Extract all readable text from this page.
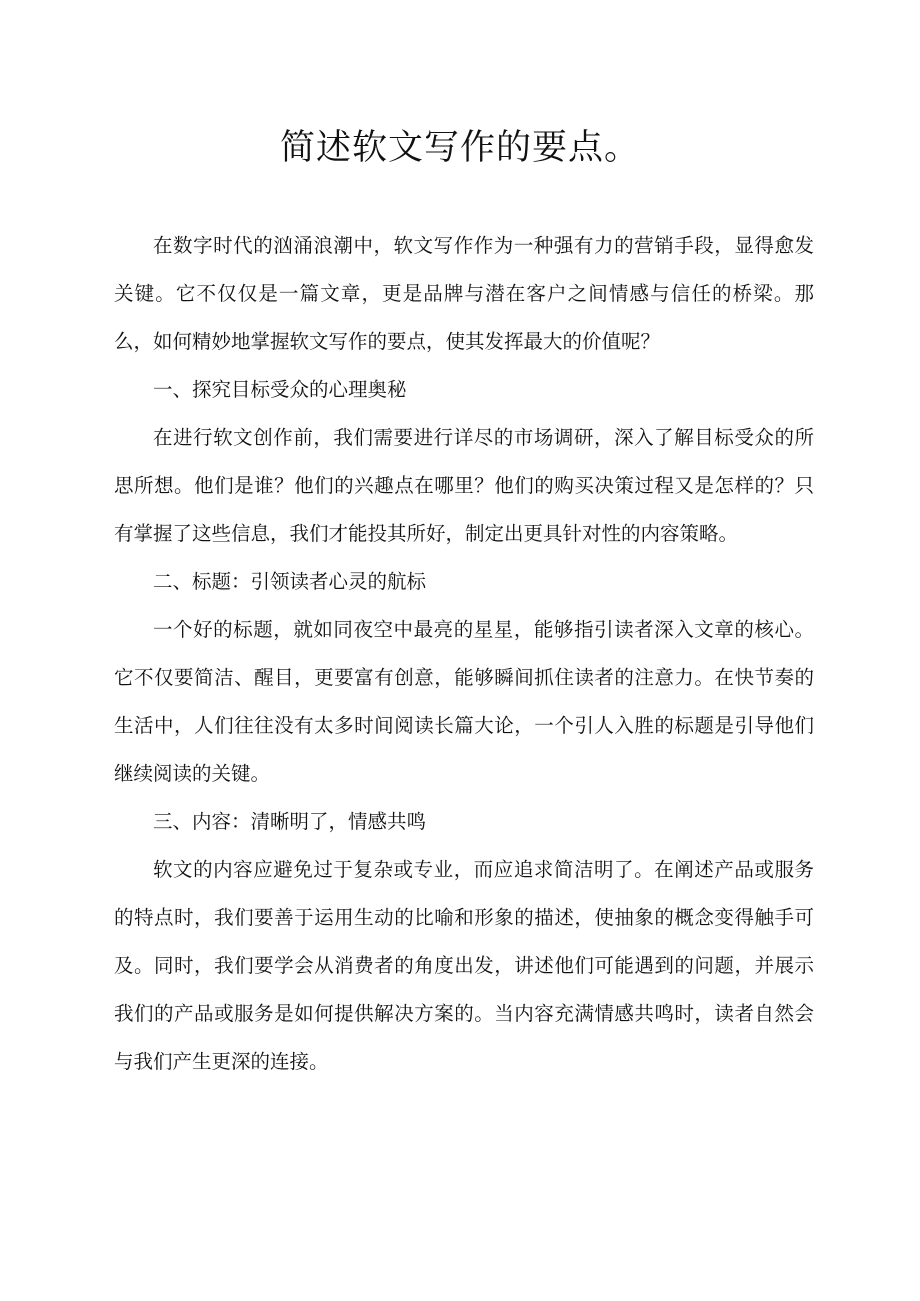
简述软文写作的要点。

在数字时代的汹涌浪潮中，软文写作作为一种强有力的营销手段，显得愈发关键。它不仅仅是一篇文章，更是品牌与潜在客户之间情感与信任的桥梁。那么，如何精妙地掌握软文写作的要点，使其发挥最大的价值呢？

一、探究目标受众的心理奥秘

在进行软文创作前，我们需要进行详尽的市场调研，深入了解目标受众的所思所想。他们是谁？他们的兴趣点在哪里？他们的购买决策过程又是怎样的？只有掌握了这些信息，我们才能投其所好，制定出更具针对性的内容策略。

二、标题：引领读者心灵的航标

一个好的标题，就如同夜空中最亮的星星，能够指引读者深入文章的核心。它不仅要简洁、醒目，更要富有创意，能够瞬间抓住读者的注意力。在快节奏的生活中，人们往往没有太多时间阅读长篇大论，一个引人入胜的标题是引导他们继续阅读的关键。

三、内容：清晰明了，情感共鸣

软文的内容应避免过于复杂或专业，而应追求简洁明了。在阐述产品或服务的特点时，我们要善于运用生动的比喻和形象的描述，使抽象的概念变得触手可及。同时，我们要学会从消费者的角度出发，讲述他们可能遇到的问题，并展示我们的产品或服务是如何提供解决方案的。当内容充满情感共鸣时，读者自然会与我们产生更深的连接。
